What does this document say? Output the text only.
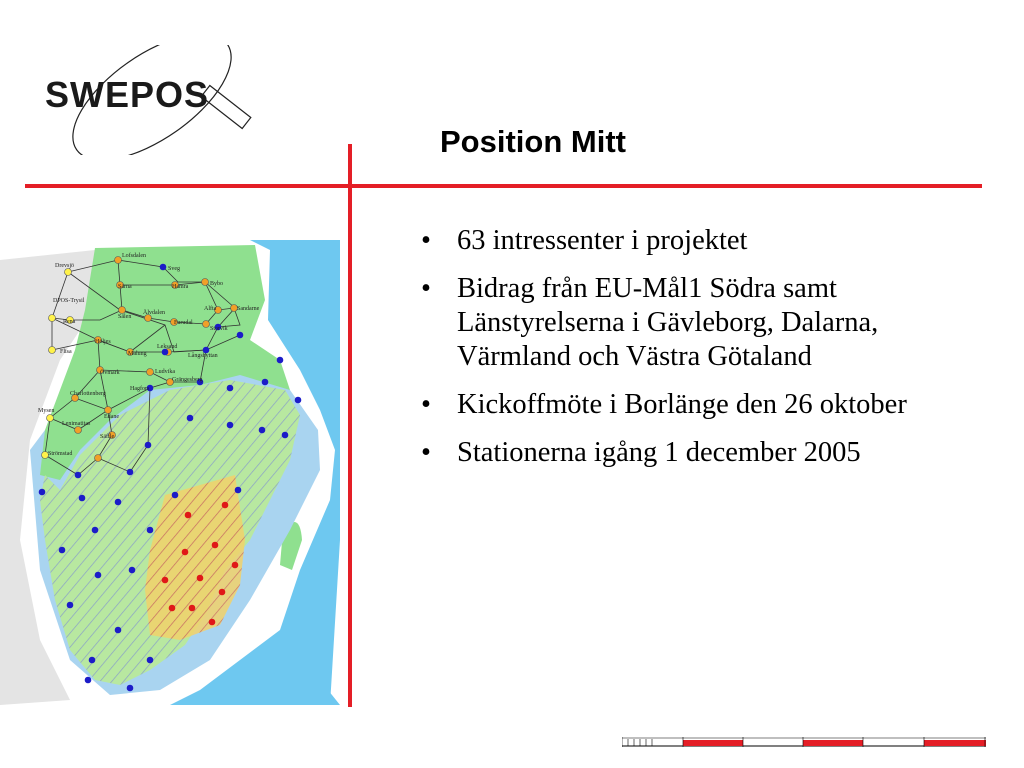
SWEPOS
Position Mitt
Drevsjö
Lofsdalen
Sveg
Särna	Hamra	Bybo
DPOS-Trysil
Rena
Sälen
Älvdalen
Furudal
Alfta	Sandarne
Storvik
Flisa
Höljes
Malung
Leksand
Långshyttan
Övmark	Ludvika
Grängesberg
Charlottenberg
Hagfors
Mysen
Lenimatitas
Edane
Säffle
Strömstad
• 63 intressenter i projektet
• Bidrag från EU-Mål1 Södra samt Länstyrelserna i Gävleborg, Dalarna, Värmland och Västra Götaland
• Kickoffmöte i Borlänge den 26 oktober
• Stationerna igång 1 december 2005
